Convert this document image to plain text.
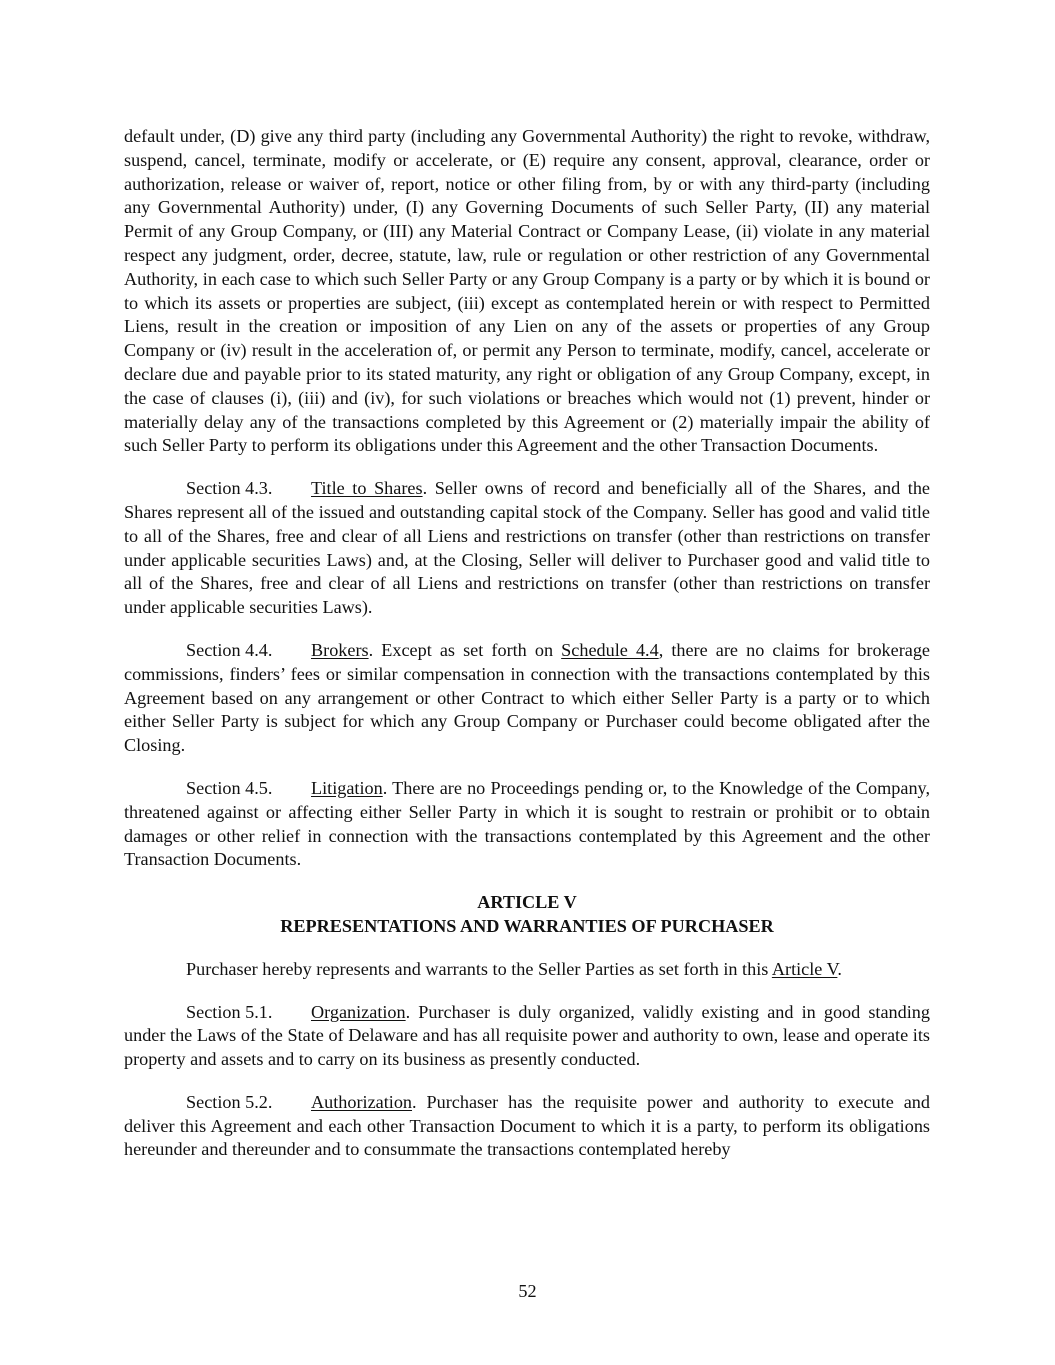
default under, (D) give any third party (including any Governmental Authority) the right to revoke, withdraw, suspend, cancel, terminate, modify or accelerate, or (E) require any consent, approval, clearance, order or authorization, release or waiver of, report, notice or other filing from, by or with any third-party (including any Governmental Authority) under, (I) any Governing Documents of such Seller Party, (II) any material Permit of any Group Company, or (III) any Material Contract or Company Lease, (ii) violate in any material respect any judgment, order, decree, statute, law, rule or regulation or other restriction of any Governmental Authority, in each case to which such Seller Party or any Group Company is a party or by which it is bound or to which its assets or properties are subject, (iii) except as contemplated herein or with respect to Permitted Liens, result in the creation or imposition of any Lien on any of the assets or properties of any Group Company or (iv) result in the acceleration of, or permit any Person to terminate, modify, cancel, accelerate or declare due and payable prior to its stated maturity, any right or obligation of any Group Company, except, in the case of clauses (i), (iii) and (iv), for such violations or breaches which would not (1) prevent, hinder or materially delay any of the transactions completed by this Agreement or (2) materially impair the ability of such Seller Party to perform its obligations under this Agreement and the other Transaction Documents.

Section 4.3. Title to Shares. Seller owns of record and beneficially all of the Shares, and the Shares represent all of the issued and outstanding capital stock of the Company. Seller has good and valid title to all of the Shares, free and clear of all Liens and restrictions on transfer (other than restrictions on transfer under applicable securities Laws) and, at the Closing, Seller will deliver to Purchaser good and valid title to all of the Shares, free and clear of all Liens and restrictions on transfer (other than restrictions on transfer under applicable securities Laws).

Section 4.4. Brokers. Except as set forth on Schedule 4.4, there are no claims for brokerage commissions, finders’ fees or similar compensation in connection with the transactions contemplated by this Agreement based on any arrangement or other Contract to which either Seller Party is a party or to which either Seller Party is subject for which any Group Company or Purchaser could become obligated after the Closing.

Section 4.5. Litigation. There are no Proceedings pending or, to the Knowledge of the Company, threatened against or affecting either Seller Party in which it is sought to restrain or prohibit or to obtain damages or other relief in connection with the transactions contemplated by this Agreement and the other Transaction Documents.

ARTICLE V
REPRESENTATIONS AND WARRANTIES OF PURCHASER

Purchaser hereby represents and warrants to the Seller Parties as set forth in this Article V.

Section 5.1. Organization. Purchaser is duly organized, validly existing and in good standing under the Laws of the State of Delaware and has all requisite power and authority to own, lease and operate its property and assets and to carry on its business as presently conducted.

Section 5.2. Authorization. Purchaser has the requisite power and authority to execute and deliver this Agreement and each other Transaction Document to which it is a party, to perform its obligations hereunder and thereunder and to consummate the transactions contemplated hereby

52
